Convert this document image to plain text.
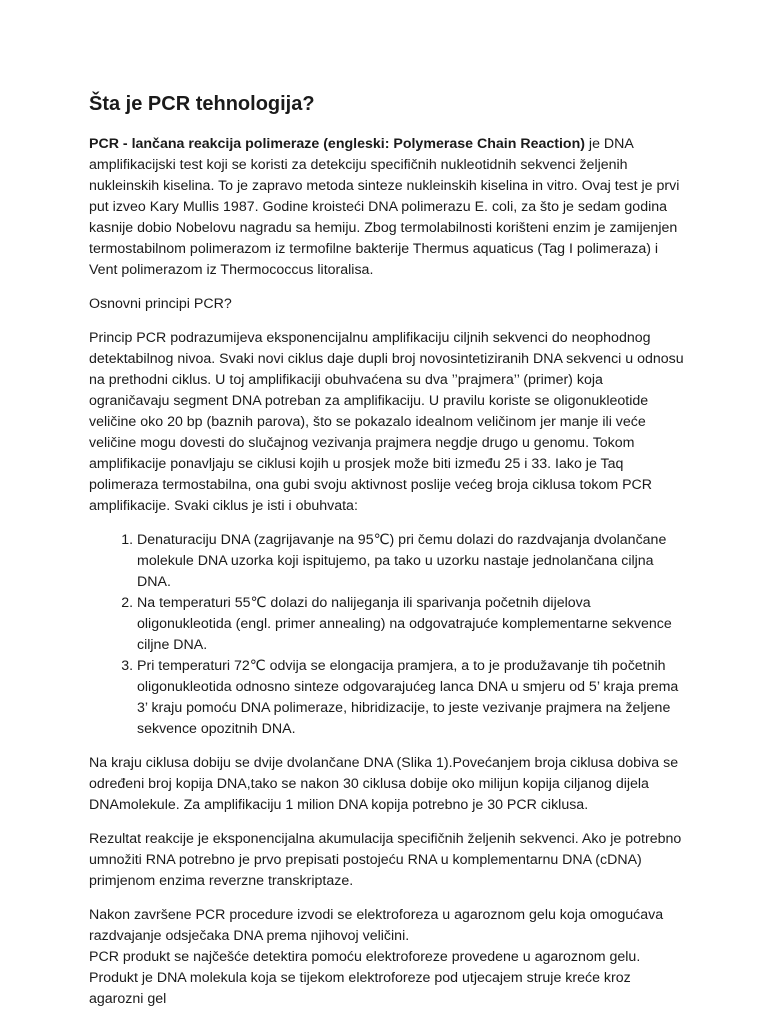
Šta je PCR tehnologija?

PCR - lančana reakcija polimeraze (engleski: Polymerase Chain Reaction) je DNA amplifikacijski test koji se koristi za detekciju specifičnih nukleotidnih sekvenci željenih nukleinskih kiselina. To je zapravo metoda sinteze nukleinskih kiselina in vitro. Ovaj test je prvi put izveo Kary Mullis 1987. Godine kroisteći DNA polimerazu E. coli, za što je sedam godina kasnije dobio Nobelovu nagradu sa hemiju. Zbog termolabilnosti korišteni enzim je zamijenjen termostabilnom polimerazom iz termofilne bakterije Thermus aquaticus (Tag I polimeraza) i Vent polimerazom iz Thermococcus litoralisa.

Osnovni principi PCR?

Princip PCR podrazumijeva eksponencijalnu amplifikaciju ciljnih sekvenci do neophodnog detektabilnog nivoa. Svaki novi ciklus daje dupli broj novosintetiziranih DNA sekvenci u odnosu na prethodni ciklus. U toj amplifikaciji obuhvaćena su dva ’’prajmera’’ (primer) koja ograničavaju segment DNA potreban za amplifikaciju. U pravilu koriste se oligonukleotide veličine oko 20 bp (baznih parova), što se pokazalo idealnom veličinom jer manje ili veće veličine mogu dovesti do slučajnog vezivanja prajmera negdje drugo u genomu. Tokom amplifikacije ponavljaju se ciklusi kojih u prosjek može biti između 25 i 33. Iako je Taq polimeraza termostabilna, ona gubi svoju aktivnost poslije većeg broja ciklusa tokom PCR amplifikacije. Svaki ciklus je isti i obuhvata:

1. Denaturaciju DNA (zagrijavanje na 95℃) pri čemu dolazi do razdvajanja dvolančane molekule DNA uzorka koji ispitujemo, pa tako u uzorku nastaje jednolančana ciljna DNA.
2. Na temperaturi 55℃ dolazi do nalijeganja ili sparivanja početnih dijelova oligonukleotida (engl. primer annealing) na odgovatrajuće komplementarne sekvence ciljne DNA.
3. Pri temperaturi 72℃ odvija se elongacija pramjera, a to je produžavanje tih početnih oligonukleotida odnosno sinteze odgovarajućeg lanca DNA u smjeru od 5’ kraja prema 3’ kraju pomoću DNA polimeraze, hibridizacije, to jeste vezivanje prajmera na željene sekvence opozitnih DNA.

Na kraju ciklusa dobiju se dvije dvolančane DNA (Slika 1).Povećanjem broja ciklusa dobiva se određeni broj kopija DNA,tako se nakon 30 ciklusa dobije oko milijun kopija ciljanog dijela DNAmolekule. Za amplifikaciju 1 milion DNA kopija potrebno je 30 PCR ciklusa.

Rezultat reakcije je eksponencijalna akumulacija specifičnih željenih sekvenci. Ako je potrebno umnožiti RNA potrebno je prvo prepisati postojeću RNA u komplementarnu DNA (cDNA) primjenom enzima reverzne transkriptaze.

Nakon završene PCR procedure izvodi se elektroforeza u agaroznom gelu koja omogućava razdvajanje odsječaka DNA prema njihovoj veličini.

PCR produkt se najčešće detektira pomoću elektroforeze provedene u agaroznom gelu. Produkt je DNA molekula koja se tijekom elektroforeze pod utjecajem struje kreće kroz agarozni gel
